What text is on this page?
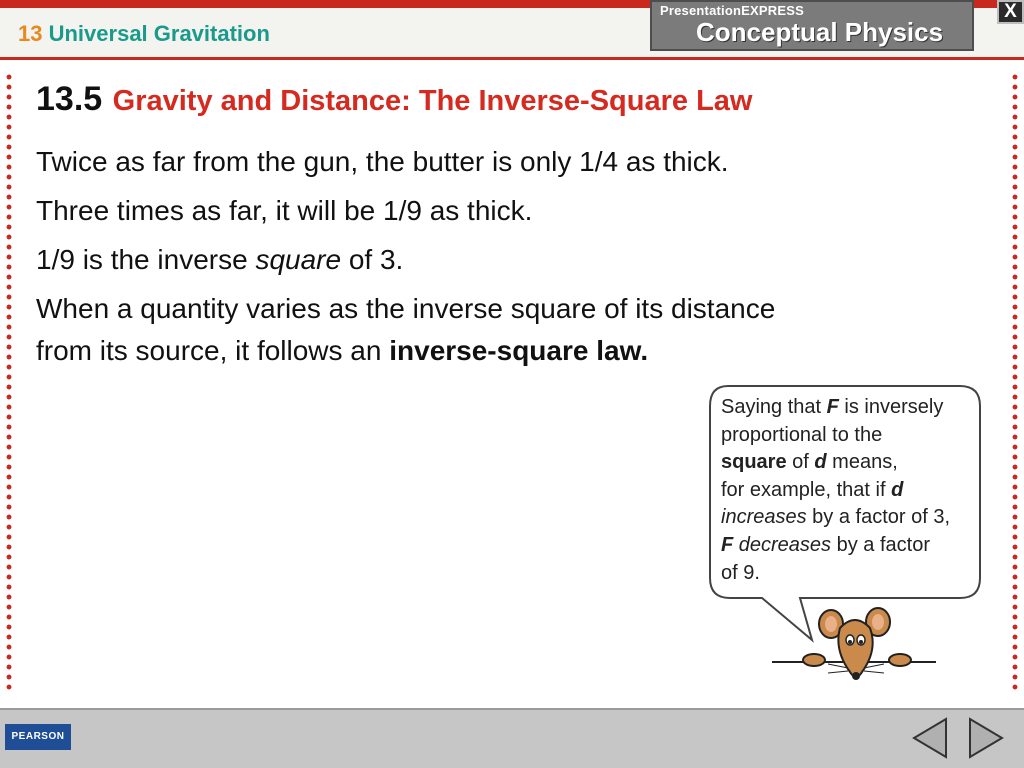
13 Universal Gravitation
PresentationEXPRESS
Conceptual Physics
X
13.5 Gravity and Distance: The Inverse-Square Law

Twice as far from the gun, the butter is only 1/4 as thick.

Three times as far, it will be 1/9 as thick.

1/9 is the inverse square of 3.

When a quantity varies as the inverse square of its distance
from its source, it follows an inverse-square law.

Saying that F is inversely
proportional to the
square of d means,
for example, that if d
increases by a factor of 3,
F decreases by a factor
of 9.
PEARSON
